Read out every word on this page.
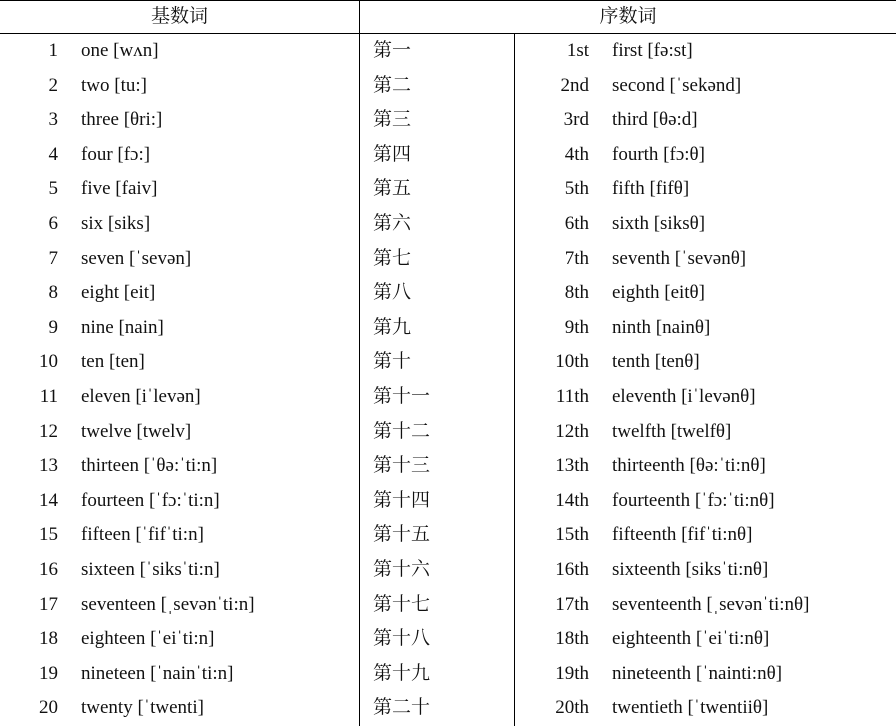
基数词	序数词
1 one [wʌn]	第一	1st first [fə:st]
2 two [tu:]	第二	2nd second [ˈsekənd]
3 three [θri:]	第三	3rd third [θə:d]
4 four [fɔ:]	第四	4th fourth [fɔ:θ]
5 five [faiv]	第五	5th fifth [fifθ]
6 six [siks]	第六	6th sixth [siksθ]
7 seven [ˈsevən]	第七	7th seventh [ˈsevənθ]
8 eight [eit]	第八	8th eighth [eitθ]
9 nine [nain]	第九	9th ninth [nainθ]
10 ten [ten]	第十	10th tenth [tenθ]
11 eleven [iˈlevən]	第十一	11th eleventh [iˈlevənθ]
12 twelve [twelv]	第十二	12th twelfth [twelfθ]
13 thirteen [ˈθə:ˈti:n]	第十三	13th thirteenth [θə:ˈti:nθ]
14 fourteen [ˈfɔ:ˈti:n]	第十四	14th fourteenth [ˈfɔ:ˈti:nθ]
15 fifteen [ˈfifˈti:n]	第十五	15th fifteenth [fifˈti:nθ]
16 sixteen [ˈsiksˈti:n]	第十六	16th sixteenth [siksˈti:nθ]
17 seventeen [ˌsevənˈti:n]	第十七	17th seventeenth [ˌsevənˈti:nθ]
18 eighteen [ˈeiˈti:n]	第十八	18th eighteenth [ˈeiˈti:nθ]
19 nineteen [ˈnainˈti:n]	第十九	19th nineteenth [ˈnainti:nθ]
20 twenty [ˈtwenti]	第二十	20th twentieth [ˈtwentiiθ]
